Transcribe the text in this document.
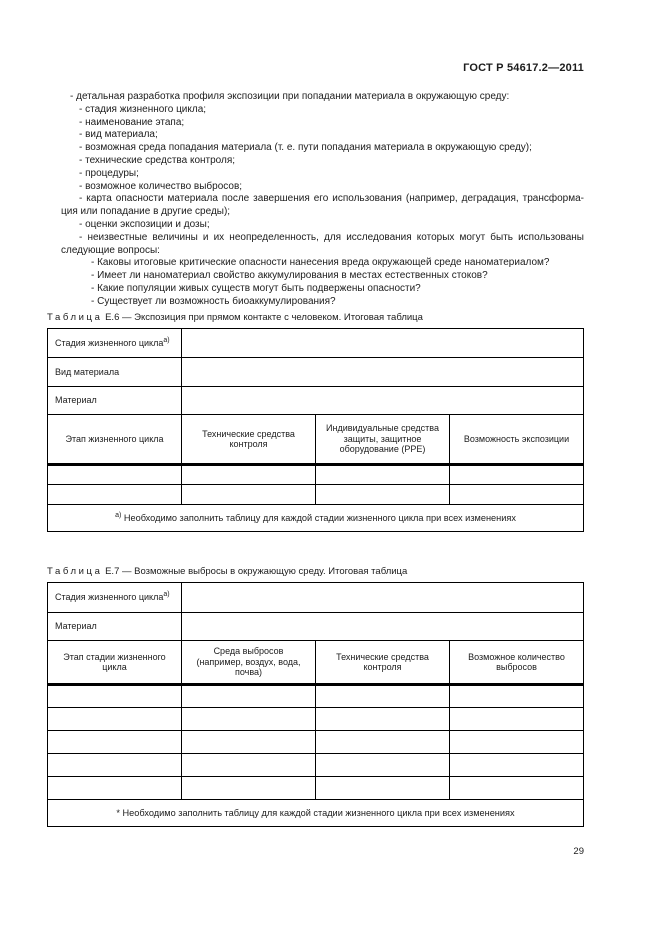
ГОСТ Р 54617.2—2011
- детальная разработка профиля экспозиции при попадании материала в окружающую среду:
- стадия жизненного цикла;
- наименование этапа;
- вид материала;
- возможная среда попадания материала (т. е. пути попадания материала в окружающую среду);
- технические средства контроля;
- процедуры;
- возможное количество выбросов;
- карта опасности материала после завершения его использования (например, деградация, трансформа-
ция или попадание в другие среды);
- оценки экспозиции и дозы;
- неизвестные величины и их неопределенность, для исследования которых могут быть использованы
следующие вопросы:
- Каковы итоговые критические опасности нанесения вреда окружающей среде наноматериалом?
- Имеет ли наноматериал свойство аккумулирования в местах естественных стоков?
- Какие популяции живых существ могут быть подвержены опасности?
- Существует ли возможность биоаккумулирования?
Таблица Е.6 — Экспозиция при прямом контакте с человеком. Итоговая таблица
Стадия жизненного цикла$^{а)}$	
Вид материала			
Материал			
Этап жизненного цикла	Технические средства контроля	Индивидуальные средства защиты, защитное оборудование (PPE)	Возможность экспозиции

$^{а)}$ Необходимо заполнить таблицу для каждой стадии жизненного цикла при всех изменениях			
Таблица Е.7 — Возможные выбросы в окружающую среду. Итоговая таблица
Стадия жизненного цикла$^{а)}$	
Материал			
Этап стадии жизненного цикла	Среда выбросов (например, воздух, вода, почва)	Технические средства контроля	Возможное количество выбросов

* Необходимо заполнить таблицу для каждой стадии жизненного цикла при всех изменениях			
29
